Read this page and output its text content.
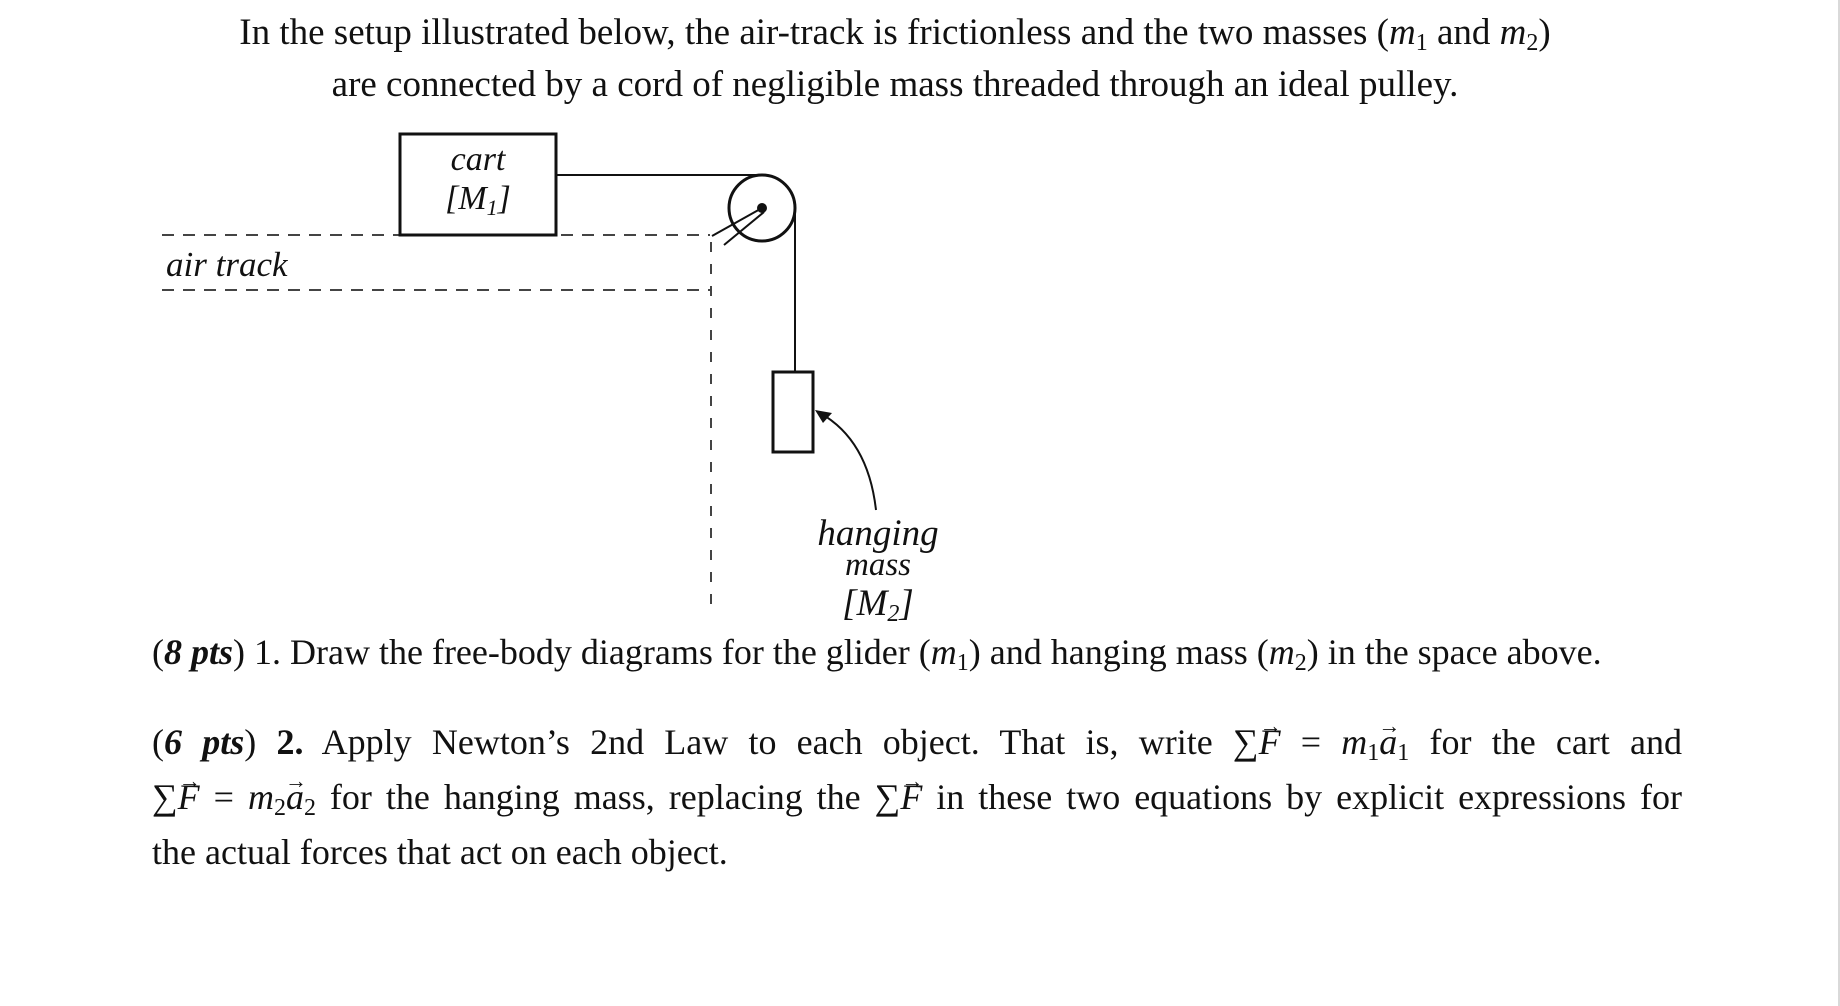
In the setup illustrated below, the air-track is frictionless and the two masses ($m_1$ and $m_2$)
are connected by a cord of negligible mass threaded through an ideal pulley.
cart
[M1]
air track
hanging
mass
[M2]
(8 pts) 1. Draw the free-body diagrams for the glider $(m_1)$ and hanging mass $(m_2)$ in the space above.
(6 pts) 2. Apply Newton’s 2nd Law to each object. That is, write ∑→ $F = m_1\to a_1$ for the cart and
∑→ $F = m_2\to a_2$ for the hanging mass, replacing the ∑→ F in these two equations by explicit expressions for
the actual forces that act on each object.
